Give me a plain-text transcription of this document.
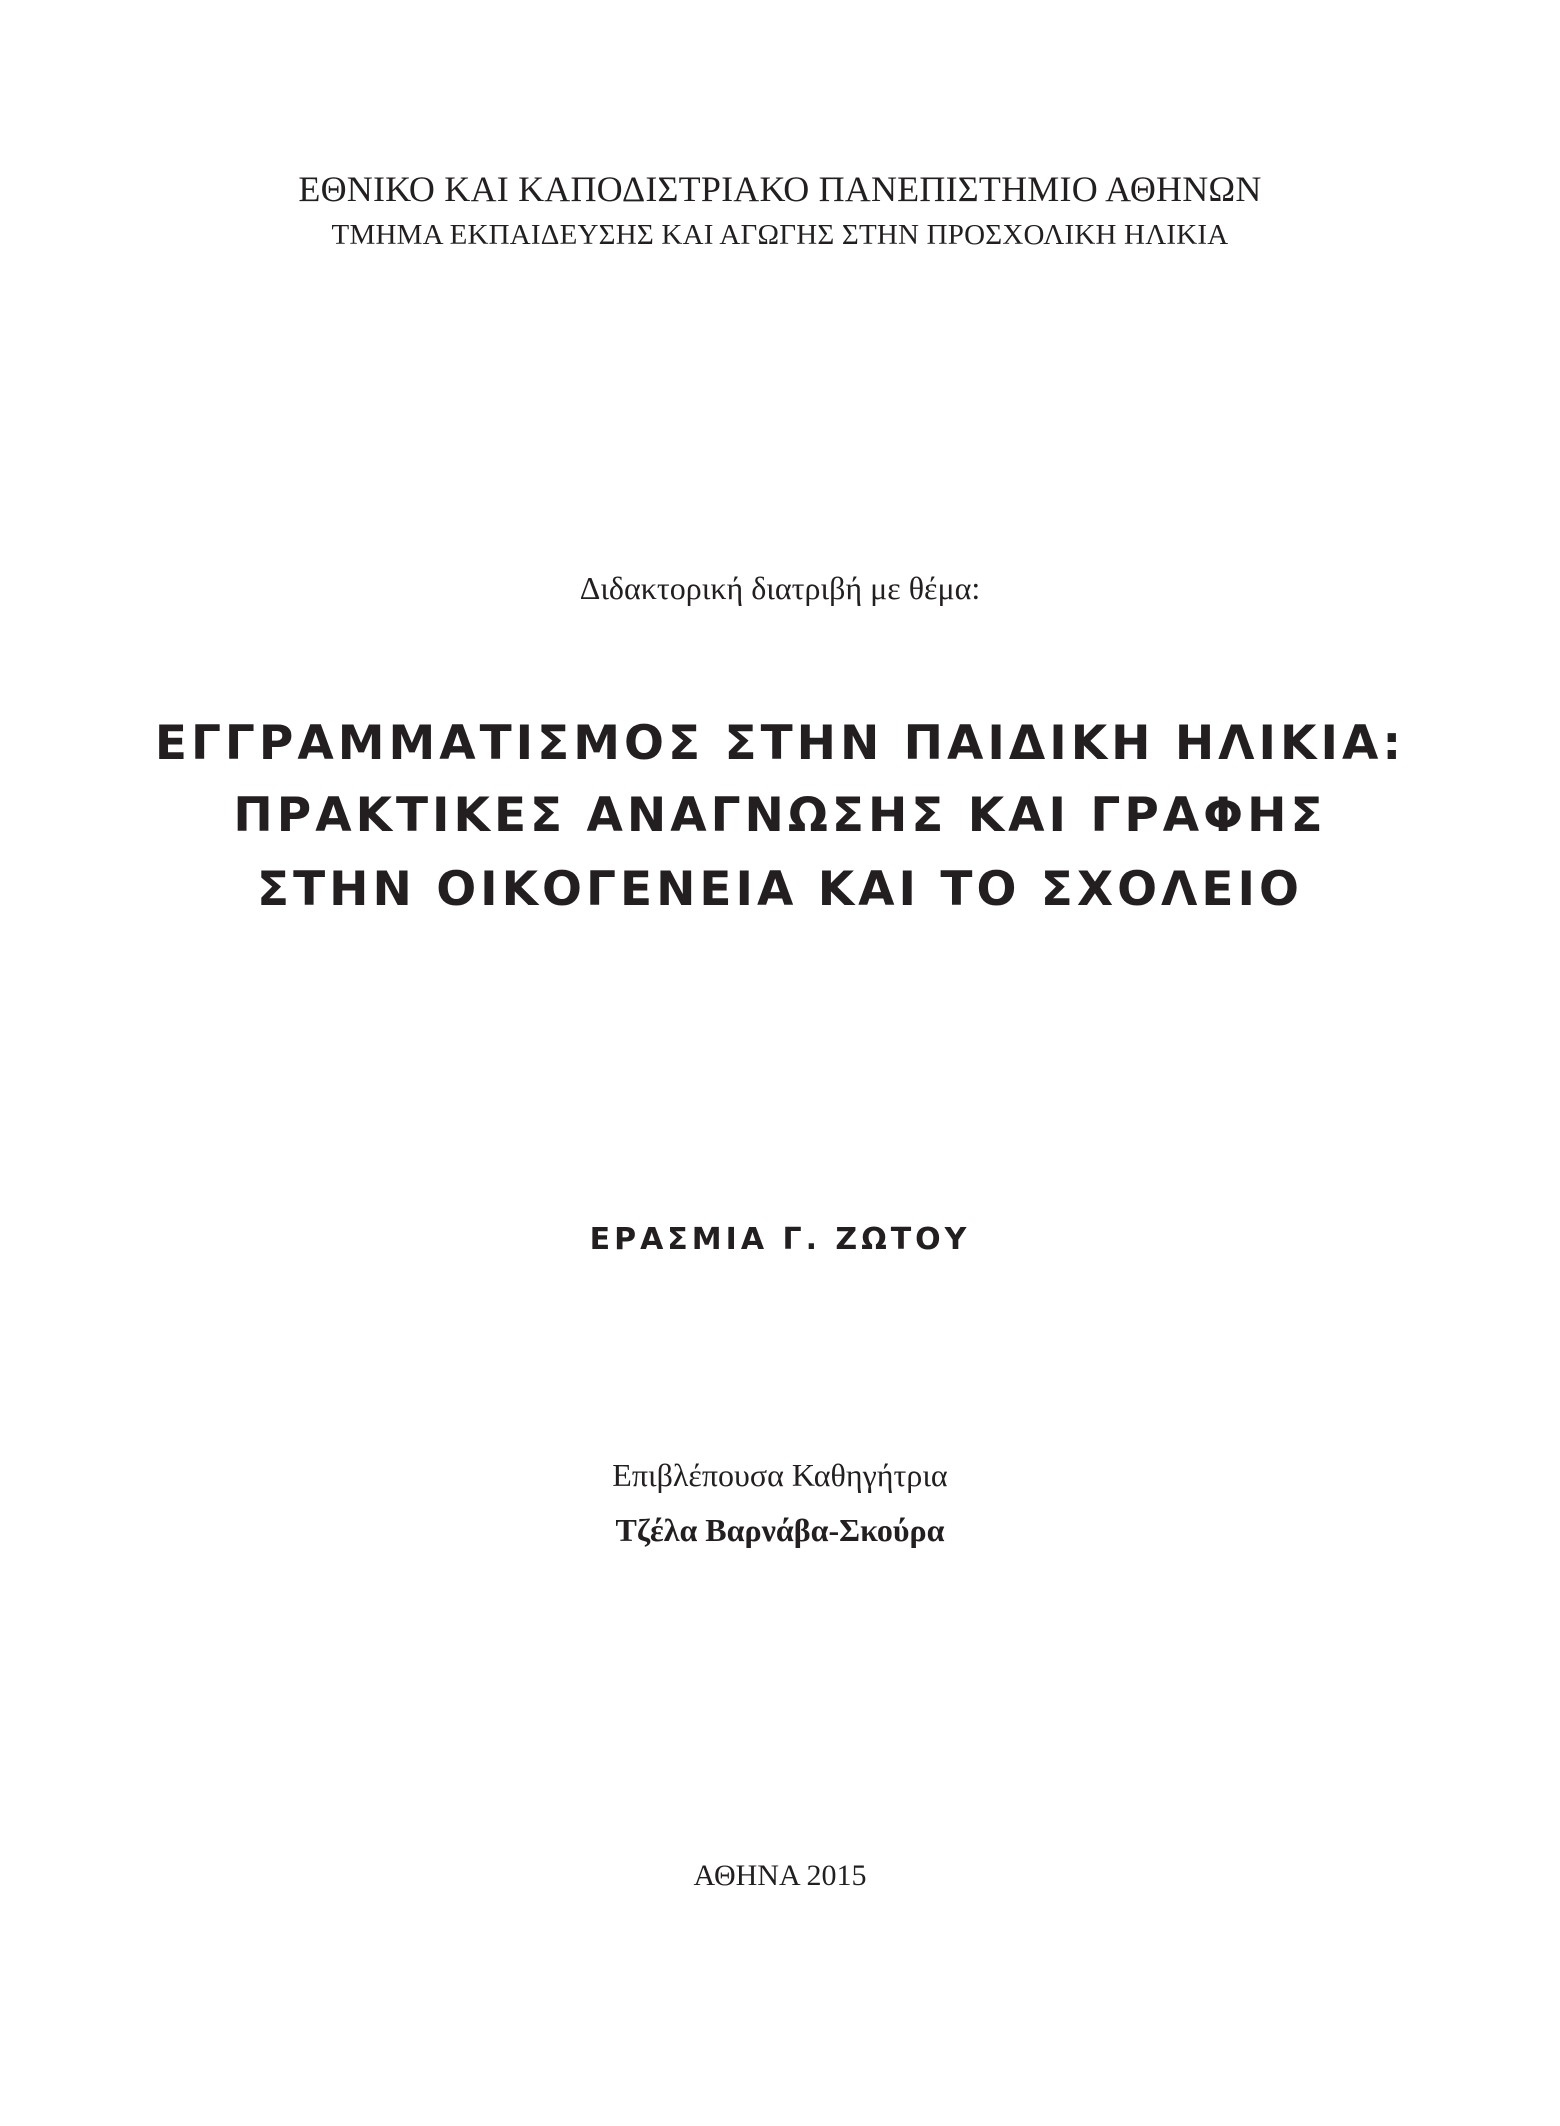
ΕΘΝΙΚΟ ΚΑΙ ΚΑΠΟΔΙΣΤΡΙΑΚΟ ΠΑΝΕΠΙΣΤΗΜΙΟ ΑΘΗΝΩΝ
ΤΜΗΜΑ ΕΚΠΑΙΔΕΥΣΗΣ ΚΑΙ ΑΓΩΓΗΣ ΣΤΗΝ ΠΡΟΣΧΟΛΙΚΗ ΗΛΙΚΙΑ
Διδακτορική διατριβή με θέμα:
ΕΓΓΡΑΜΜΑΤΙΣΜΟΣ ΣΤΗΝ ΠΑΙΔΙΚΗ ΗΛΙΚΙΑ:
ΠΡΑΚΤΙΚΕΣ ΑΝΑΓΝΩΣΗΣ ΚΑΙ ΓΡΑΦΗΣ
ΣΤΗΝ ΟΙΚΟΓΕΝΕΙΑ ΚΑΙ ΤΟ ΣΧΟΛΕΙΟ
ΕΡΑΣΜΙΑ Γ. ΖΩΤΟΥ
Επιβλέπουσα Καθηγήτρια
Τζέλα Βαρνάβα-Σκούρα
ΑΘΗΝΑ 2015
